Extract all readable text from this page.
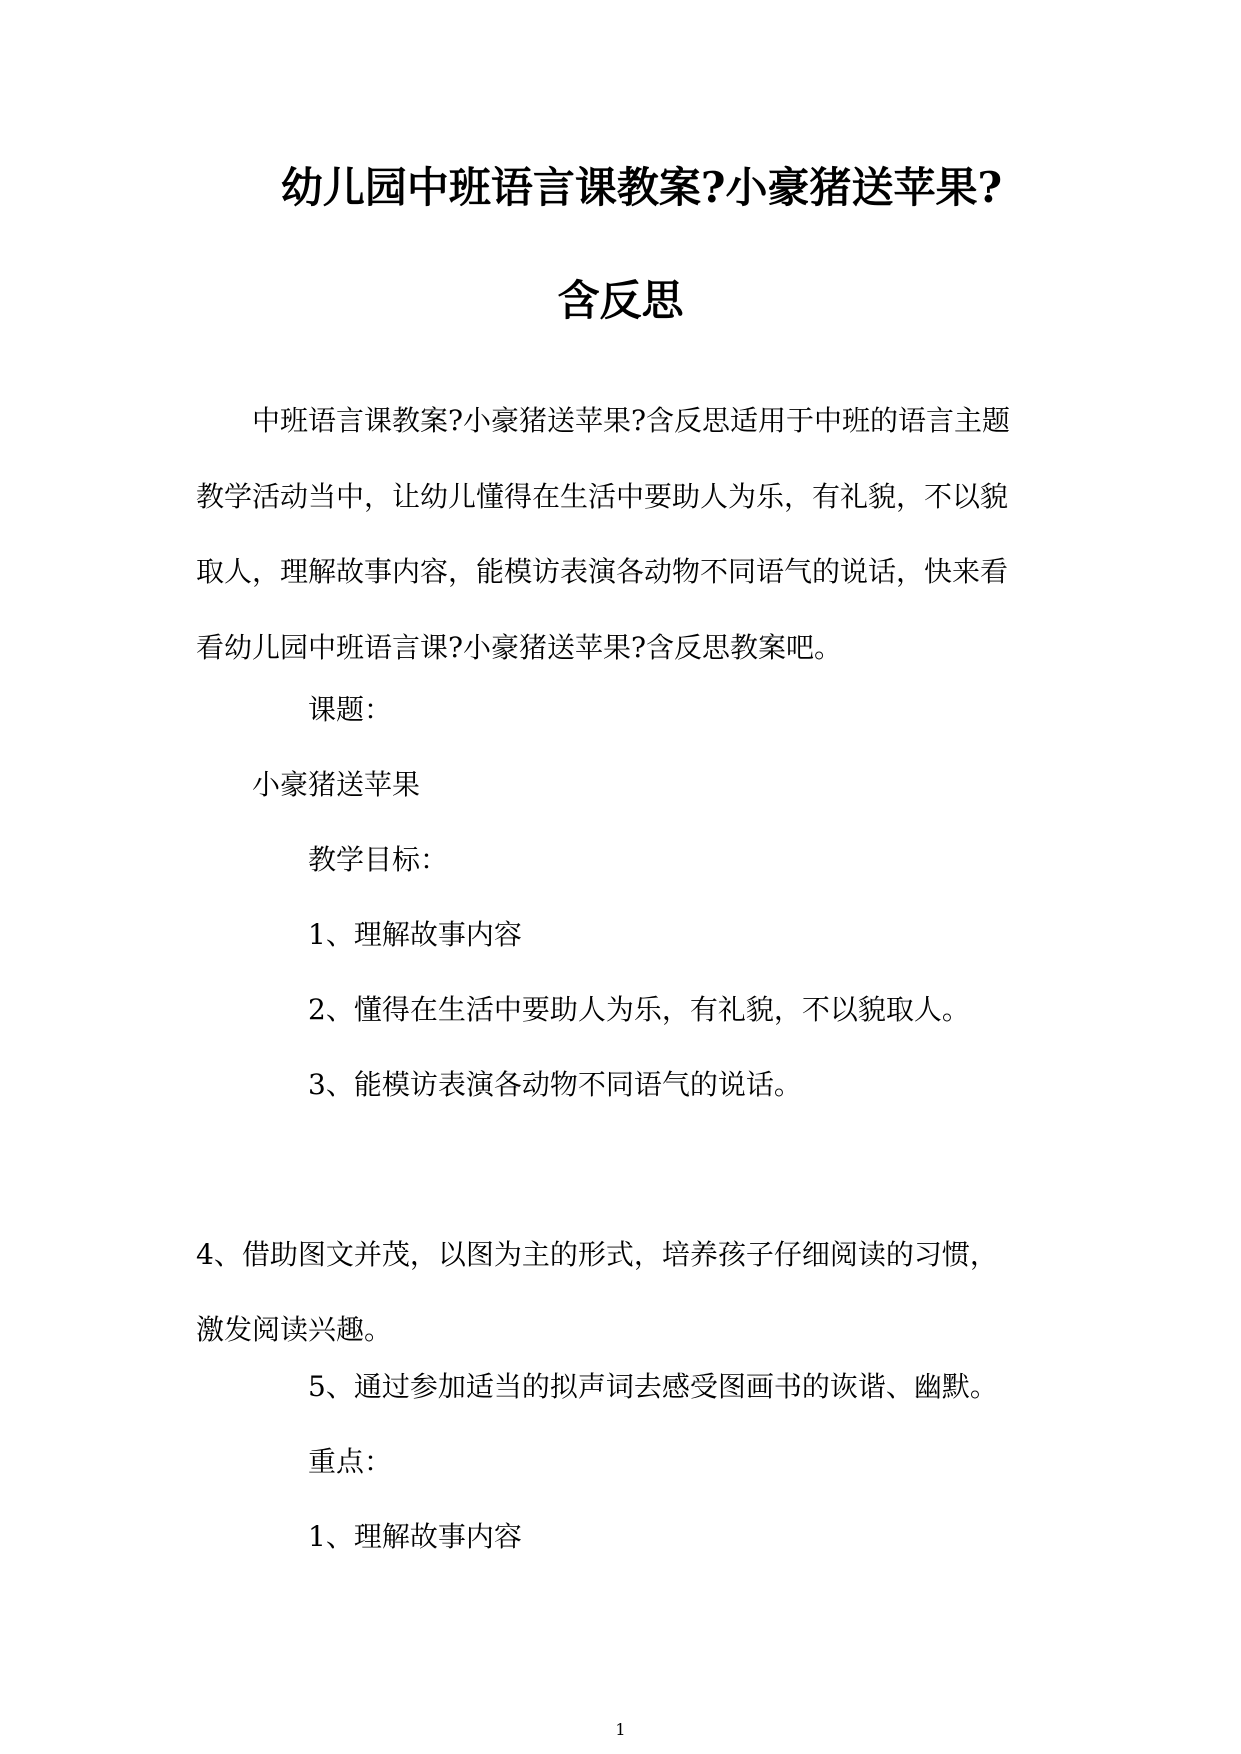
幼儿园中班语言课教案?小豪猪送苹果?
含反思
中班语言课教案?小豪猪送苹果?含反思适用于中班的语言主题
教学活动当中，让幼儿懂得在生活中要助人为乐，有礼貌，不以貌
取人，理解故事内容，能模访表演各动物不同语气的说话，快来看
看幼儿园中班语言课?小豪猪送苹果?含反思教案吧。
课题：
小豪猪送苹果
教学目标：
1、理解故事内容
2、懂得在生活中要助人为乐，有礼貌，不以貌取人。
3、能模访表演各动物不同语气的说话。
4、借助图文并茂，以图为主的形式，培养孩子仔细阅读的习惯，
激发阅读兴趣。
5、通过参加适当的拟声词去感受图画书的诙谐、幽默。
重点：
1、理解故事内容
1
